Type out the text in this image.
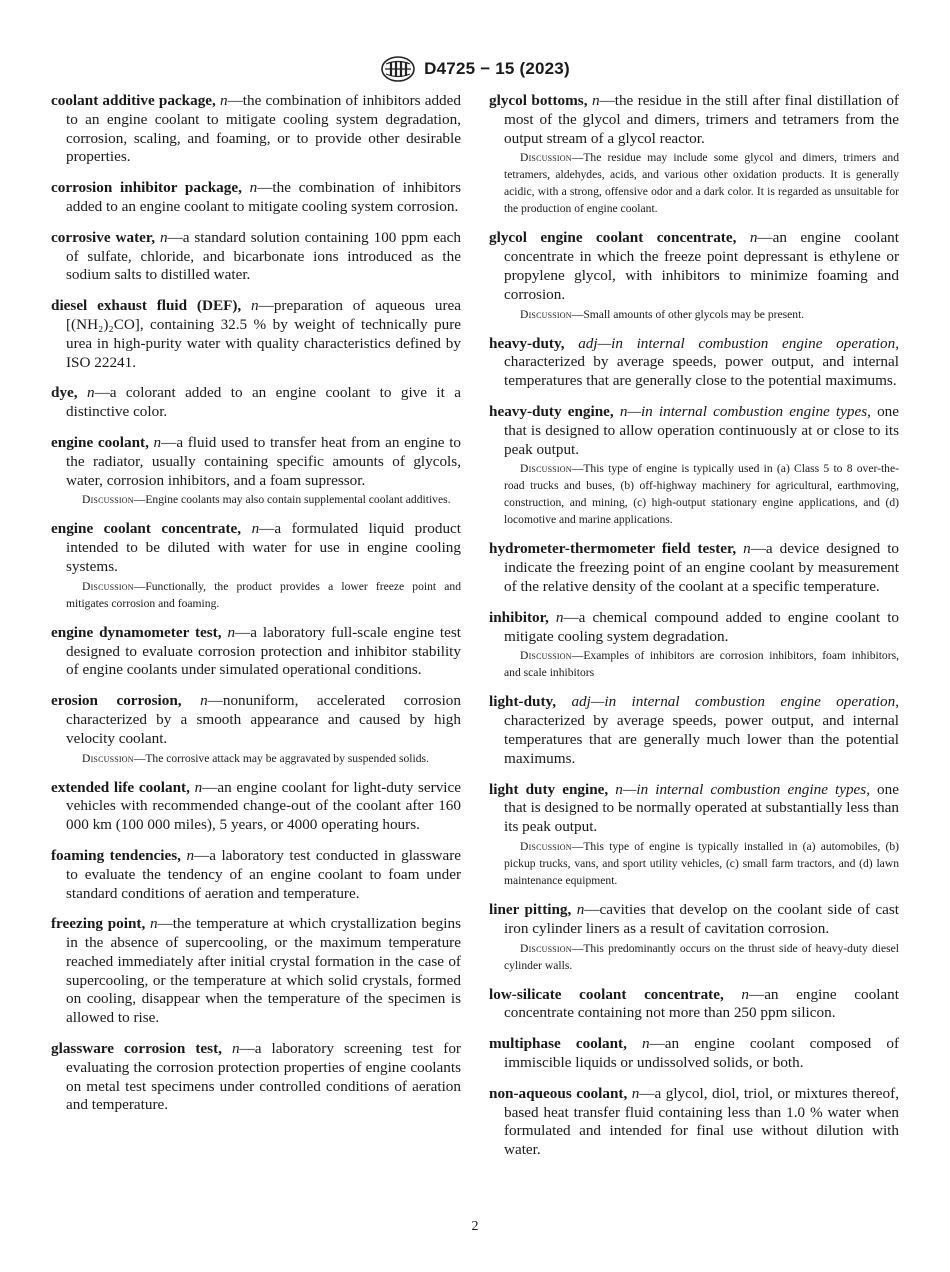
D4725 − 15 (2023)
coolant additive package, n—the combination of inhibitors added to an engine coolant to mitigate cooling system degradation, corrosion, scaling, and foaming, or to provide other desirable properties.
corrosion inhibitor package, n—the combination of inhibitors added to an engine coolant to mitigate cooling system corrosion.
corrosive water, n—a standard solution containing 100 ppm each of sulfate, chloride, and bicarbonate ions introduced as the sodium salts to distilled water.
diesel exhaust fluid (DEF), n—preparation of aqueous urea [(NH₂)₂CO], containing 32.5 % by weight of technically pure urea in high-purity water with quality characteristics defined by ISO 22241.
dye, n—a colorant added to an engine coolant to give it a distinctive color.
engine coolant, n—a fluid used to transfer heat from an engine to the radiator, usually containing specific amounts of glycols, water, corrosion inhibitors, and a foam supressor.
Discussion—Engine coolants may also contain supplemental coolant additives.
engine coolant concentrate, n—a formulated liquid product intended to be diluted with water for use in engine cooling systems.
Discussion—Functionally, the product provides a lower freeze point and mitigates corrosion and foaming.
engine dynamometer test, n—a laboratory full-scale engine test designed to evaluate corrosion protection and inhibitor stability of engine coolants under simulated operational conditions.
erosion corrosion, n—nonuniform, accelerated corrosion characterized by a smooth appearance and caused by high velocity coolant.
Discussion—The corrosive attack may be aggravated by suspended solids.
extended life coolant, n—an engine coolant for light-duty service vehicles with recommended change-out of the coolant after 160 000 km (100 000 miles), 5 years, or 4000 operating hours.
foaming tendencies, n—a laboratory test conducted in glassware to evaluate the tendency of an engine coolant to foam under standard conditions of aeration and temperature.
freezing point, n—the temperature at which crystallization begins in the absence of supercooling, or the maximum temperature reached immediately after initial crystal formation in the case of supercooling, or the temperature at which solid crystals, formed on cooling, disappear when the temperature of the specimen is allowed to rise.
glassware corrosion test, n—a laboratory screening test for evaluating the corrosion protection properties of engine coolants on metal test specimens under controlled conditions of aeration and temperature.
glycol bottoms, n—the residue in the still after final distillation of most of the glycol and dimers, trimers and tetramers from the output stream of a glycol reactor.
Discussion—The residue may include some glycol and dimers, trimers and tetramers, aldehydes, acids, and various other oxidation products. It is generally acidic, with a strong, offensive odor and a dark color. It is regarded as unsuitable for the production of engine coolant.
glycol engine coolant concentrate, n—an engine coolant concentrate in which the freeze point depressant is ethylene or propylene glycol, with inhibitors to minimize foaming and corrosion.
Discussion—Small amounts of other glycols may be present.
heavy-duty, adj—in internal combustion engine operation, characterized by average speeds, power output, and internal temperatures that are generally close to the potential maximums.
heavy-duty engine, n—in internal combustion engine types, one that is designed to allow operation continuously at or close to its peak output.
Discussion—This type of engine is typically used in (a) Class 5 to 8 over-the-road trucks and buses, (b) off-highway machinery for agricultural, earthmoving, construction, and mining, (c) high-output stationary engine applications, and (d) locomotive and marine applications.
hydrometer-thermometer field tester, n—a device designed to indicate the freezing point of an engine coolant by measurement of the relative density of the coolant at a specific temperature.
inhibitor, n—a chemical compound added to engine coolant to mitigate cooling system degradation.
Discussion—Examples of inhibitors are corrosion inhibitors, foam inhibitors, and scale inhibitors
light-duty, adj—in internal combustion engine operation, characterized by average speeds, power output, and internal temperatures that are generally much lower than the potential maximums.
light duty engine, n—in internal combustion engine types, one that is designed to be normally operated at substantially less than its peak output.
Discussion—This type of engine is typically installed in (a) automobiles, (b) pickup trucks, vans, and sport utility vehicles, (c) small farm tractors, and (d) lawn maintenance equipment.
liner pitting, n—cavities that develop on the coolant side of cast iron cylinder liners as a result of cavitation corrosion.
Discussion—This predominantly occurs on the thrust side of heavy-duty diesel cylinder walls.
low-silicate coolant concentrate, n—an engine coolant concentrate containing not more than 250 ppm silicon.
multiphase coolant, n—an engine coolant composed of immiscible liquids or undissolved solids, or both.
non-aqueous coolant, n—a glycol, diol, triol, or mixtures thereof, based heat transfer fluid containing less than 1.0 % water when formulated and intended for final use without dilution with water.
2
